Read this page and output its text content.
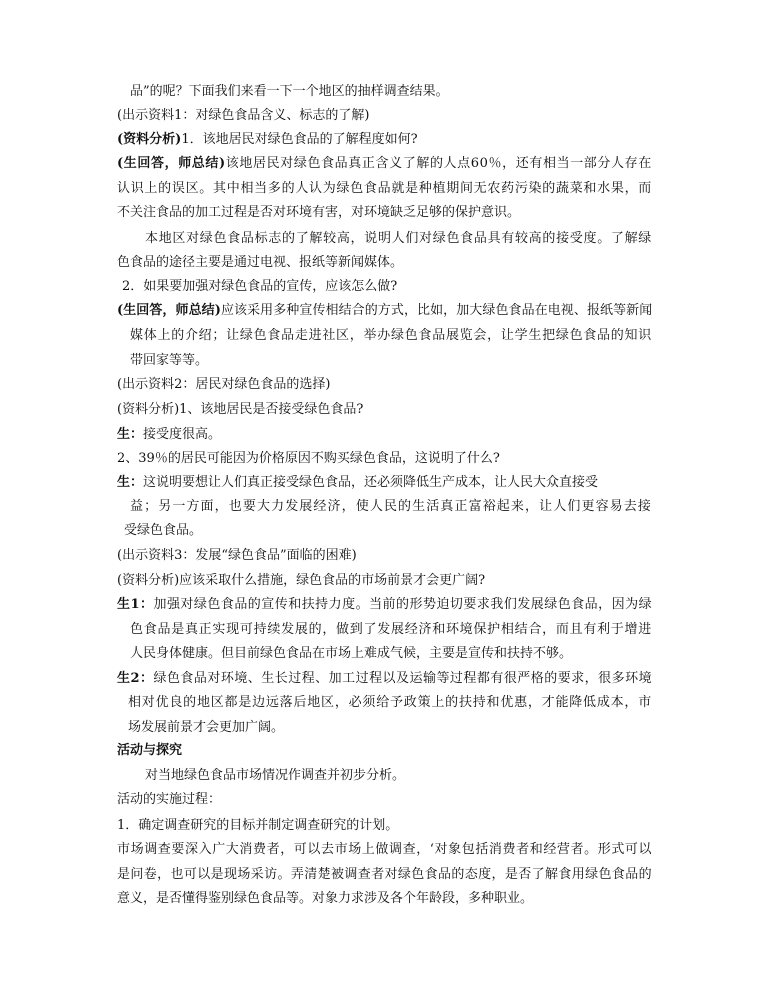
品”的呢？下面我们来看一下一个地区的抽样调查结果。
(出示资料1：对绿色食品含义、标志的了解)
(资料分析)1．该地居民对绿色食品的了解程度如何?
(生回答，师总结)该地居民对绿色食品真正含义了解的人点60％，还有相当一部分人存在
认识上的误区。其中相当多的人认为绿色食品就是种植期间无农药污染的蔬菜和水果，而
不关注食品的加工过程是否对环境有害，对环境缺乏足够的保护意识。
本地区对绿色食品标志的了解较高，说明人们对绿色食品具有较高的接受度。了解绿
色食品的途径主要是通过电视、报纸等新闻媒体。
2．如果要加强对绿色食品的宣传，应该怎么做?
(生回答，师总结)应该采用多种宣传相结合的方式，比如，加大绿色食品在电视、报纸等新闻
媒体上的介绍；让绿色食品走进社区，举办绿色食品展览会，让学生把绿色食品的知识
带回家等等。
(出示资料2：居民对绿色食品的选择)
(资料分析)1、该地居民是否接受绿色食品?
生：接受度很高。
2、39％的居民可能因为价格原因不购买绿色食品，这说明了什么?
生：这说明要想让人们真正接受绿色食品，还必须降低生产成本，让人民大众直接受
益；另一方面，也要大力发展经济，使人民的生活真正富裕起来，让人们更容易去接
受绿色食品。
(出示资料3：发展“绿色食品”面临的困难)
(资料分析)应该采取什么措施，绿色食品的市场前景才会更广阔?
生1：加强对绿色食品的宣传和扶持力度。当前的形势迫切要求我们发展绿色食品，因为绿
色食品是真正实现可持续发展的，做到了发展经济和环境保护相结合，而且有利于增进
人民身体健康。但目前绿色食品在市场上难成气候，主要是宣传和扶持不够。
生2：绿色食品对环境、生长过程、加工过程以及运输等过程都有很严格的要求，很多环境
相对优良的地区都是边远落后地区，必须给予政策上的扶持和优惠，才能降低成本，市
场发展前景才会更加广阔。
活动与探究
对当地绿色食品市场情况作调查并初步分析。
活动的实施过程：
1．确定调查研究的目标并制定调查研究的计划。
市场调查要深入广大消费者，可以去市场上做调查，‘对象包括消费者和经营者。形式可以
是问卷，也可以是现场采访。弄清楚被调查者对绿色食品的态度，是否了解食用绿色食品的
意义，是否懂得鉴别绿色食品等。对象力求涉及各个年龄段，多种职业。
